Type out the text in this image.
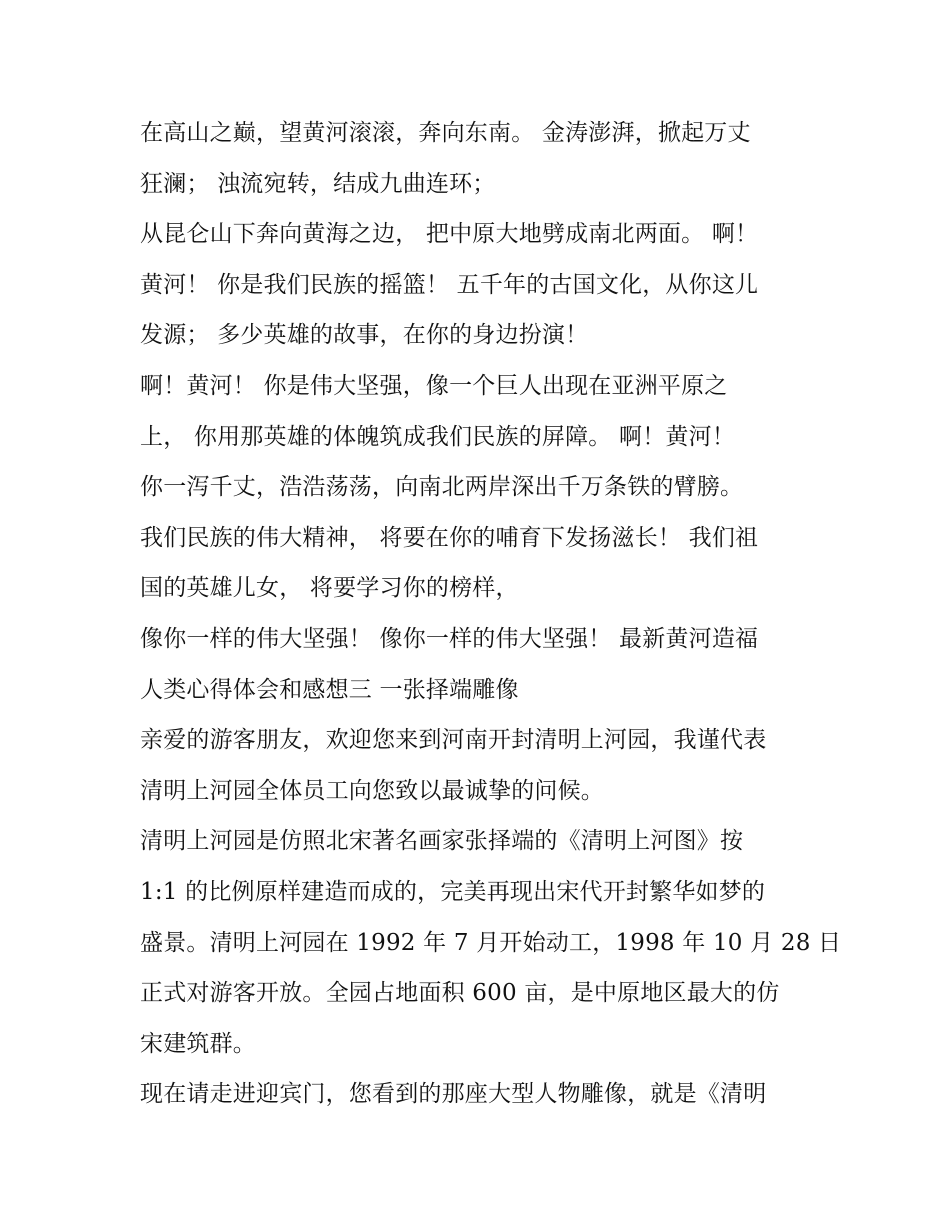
在高山之巅，望黄河滚滚，奔向东南。 金涛澎湃，掀起万丈
狂澜； 浊流宛转，结成九曲连环；
从昆仑山下奔向黄海之边， 把中原大地劈成南北两面。 啊！
黄河！ 你是我们民族的摇篮！ 五千年的古国文化，从你这儿
发源； 多少英雄的故事，在你的身边扮演！
啊！黄河！ 你是伟大坚强，像一个巨人出现在亚洲平原之
上， 你用那英雄的体魄筑成我们民族的屏障。 啊！黄河！
你一泻千丈，浩浩荡荡，向南北两岸深出千万条铁的臂膀。
我们民族的伟大精神， 将要在你的哺育下发扬滋长！ 我们祖
国的英雄儿女， 将要学习你的榜样，
像你一样的伟大坚强！ 像你一样的伟大坚强！ 最新黄河造福
人类心得体会和感想三 一张择端雕像
亲爱的游客朋友，欢迎您来到河南开封清明上河园，我谨代表
清明上河园全体员工向您致以最诚挚的问候。
清明上河园是仿照北宋著名画家张择端的《清明上河图》按
1:1 的比例原样建造而成的，完美再现出宋代开封繁华如梦的
盛景。清明上河园在 1992 年 7 月开始动工，1998 年 10 月 28 日
正式对游客开放。全园占地面积 600 亩，是中原地区最大的仿
宋建筑群。
现在请走进迎宾门，您看到的那座大型人物雕像，就是《清明
